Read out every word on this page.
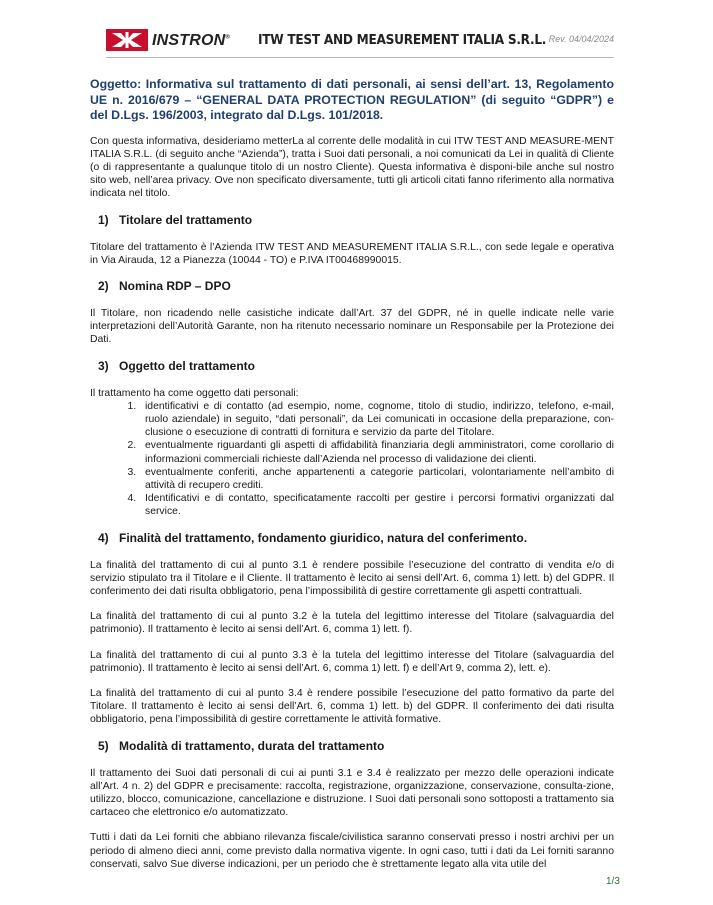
INSTRON® ITW TEST AND MEASUREMENT ITALIA S.R.L. Rev. 04/04/2024
Oggetto: Informativa sul trattamento di dati personali, ai sensi dell’art. 13, Regolamento UE n. 2016/679 – “GENERAL DATA PROTECTION REGULATION” (di seguito “GDPR”) e del D.Lgs. 196/2003, integrato dal D.Lgs. 101/2018.

Con questa informativa, desideriamo metterLa al corrente delle modalità in cui ITW TEST AND MEASURE-MENT ITALIA S.R.L. (di seguito anche “Azienda”), tratta i Suoi dati personali, a noi comunicati da Lei in qualità di Cliente (o di rappresentante a qualunque titolo di un nostro Cliente). Questa informativa è disponi-bile anche sul nostro sito web, nell’area privacy. Ove non specificato diversamente, tutti gli articoli citati fanno riferimento alla normativa indicata nel titolo.

1) Titolare del trattamento

Titolare del trattamento è l’Azienda ITW TEST AND MEASUREMENT ITALIA S.R.L., con sede legale e operativa in Via Airauda, 12 a Pianezza (10044 - TO) e P.IVA IT00468990015.

2) Nomina RDP – DPO

Il Titolare, non ricadendo nelle casistiche indicate dall’Art. 37 del GDPR, né in quelle indicate nelle varie interpretazioni dell’Autorità Garante, non ha ritenuto necessario nominare un Responsabile per la Protezione dei Dati.

3) Oggetto del trattamento

Il trattamento ha come oggetto dati personali:

1. identificativi e di contatto (ad esempio, nome, cognome, titolo di studio, indirizzo, telefono, e-mail, ruolo aziendale) in seguito, “dati personali”, da Lei comunicati in occasione della preparazione, con-clusione o esecuzione di contratti di fornitura e servizio da parte del Titolare.
2. eventualmente riguardanti gli aspetti di affidabilità finanziaria degli amministratori, come corollario di informazioni commerciali richieste dall’Azienda nel processo di validazione dei clienti.
3. eventualmente conferiti, anche appartenenti a categorie particolari, volontariamente nell’ambito di attività di recupero crediti.
4. Identificativi e di contatto, specificatamente raccolti per gestire i percorsi formativi organizzati dal service.
4) Finalità del trattamento, fondamento giuridico, natura del conferimento.

La finalità del trattamento di cui al punto 3.1 è rendere possibile l’esecuzione del contratto di vendita e/o di servizio stipulato tra il Titolare e il Cliente. Il trattamento è lecito ai sensi dell’Art. 6, comma 1) lett. b) del GDPR. Il conferimento dei dati risulta obbligatorio, pena l’impossibilità di gestire correttamente gli aspetti contrattuali.

La finalità del trattamento di cui al punto 3.2 è la tutela del legittimo interesse del Titolare (salvaguardia del patrimonio). Il trattamento è lecito ai sensi dell’Art. 6, comma 1) lett. f).

La finalità del trattamento di cui al punto 3.3 è la tutela del legittimo interesse del Titolare (salvaguardia del patrimonio). Il trattamento è lecito ai sensi dell’Art. 6, comma 1) lett. f) e dell’Art 9, comma 2), lett. e).

La finalità del trattamento di cui al punto 3.4 è rendere possibile l’esecuzione del patto formativo da parte del Titolare. Il trattamento è lecito ai sensi dell’Art. 6, comma 1) lett. b) del GDPR. Il conferimento dei dati risulta obbligatorio, pena l’impossibilità di gestire correttamente le attività formative.

5) Modalità di trattamento, durata del trattamento

Il trattamento dei Suoi dati personali di cui ai punti 3.1 e 3.4 è realizzato per mezzo delle operazioni indicate all’Art. 4 n. 2) del GDPR e precisamente: raccolta, registrazione, organizzazione, conservazione, consulta-zione, utilizzo, blocco, comunicazione, cancellazione e distruzione. I Suoi dati personali sono sottoposti a trattamento sia cartaceo che elettronico e/o automatizzato.

Tutti i dati da Lei forniti che abbiano rilevanza fiscale/civilistica saranno conservati presso i nostri archivi per un periodo di almeno dieci anni, come previsto dalla normativa vigente. In ogni caso, tutti i dati da Lei forniti saranno conservati, salvo Sue diverse indicazioni, per un periodo che è strettamente legato alla vita utile del

1/3
